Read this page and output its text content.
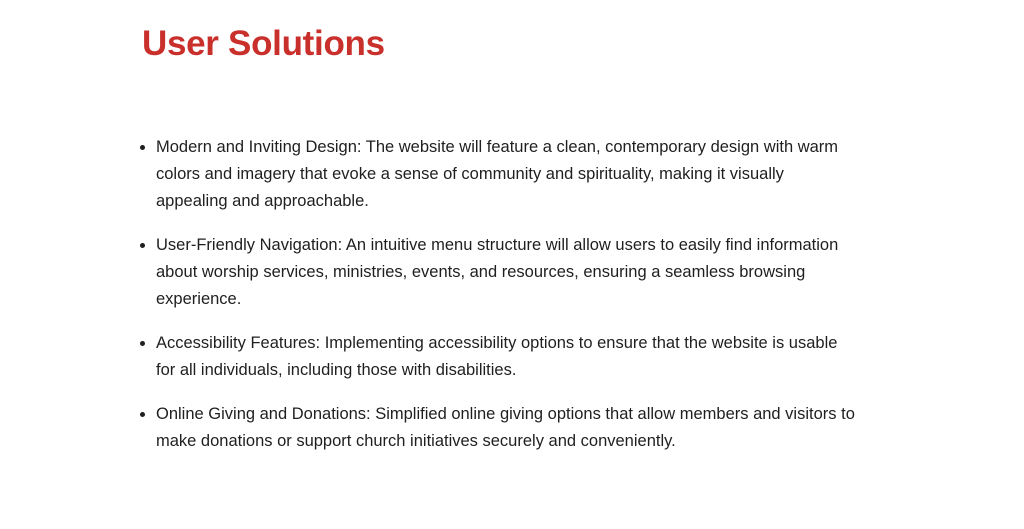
User Solutions
Modern and Inviting Design: The website will feature a clean, contemporary design with warm colors and imagery that evoke a sense of community and spirituality, making it visually appealing and approachable.
User-Friendly Navigation: An intuitive menu structure will allow users to easily find information about worship services, ministries, events, and resources, ensuring a seamless browsing experience.
Accessibility Features: Implementing accessibility options to ensure that the website is usable for all individuals, including those with disabilities.
Online Giving and Donations: Simplified online giving options that allow members and visitors to make donations or support church initiatives securely and conveniently.
